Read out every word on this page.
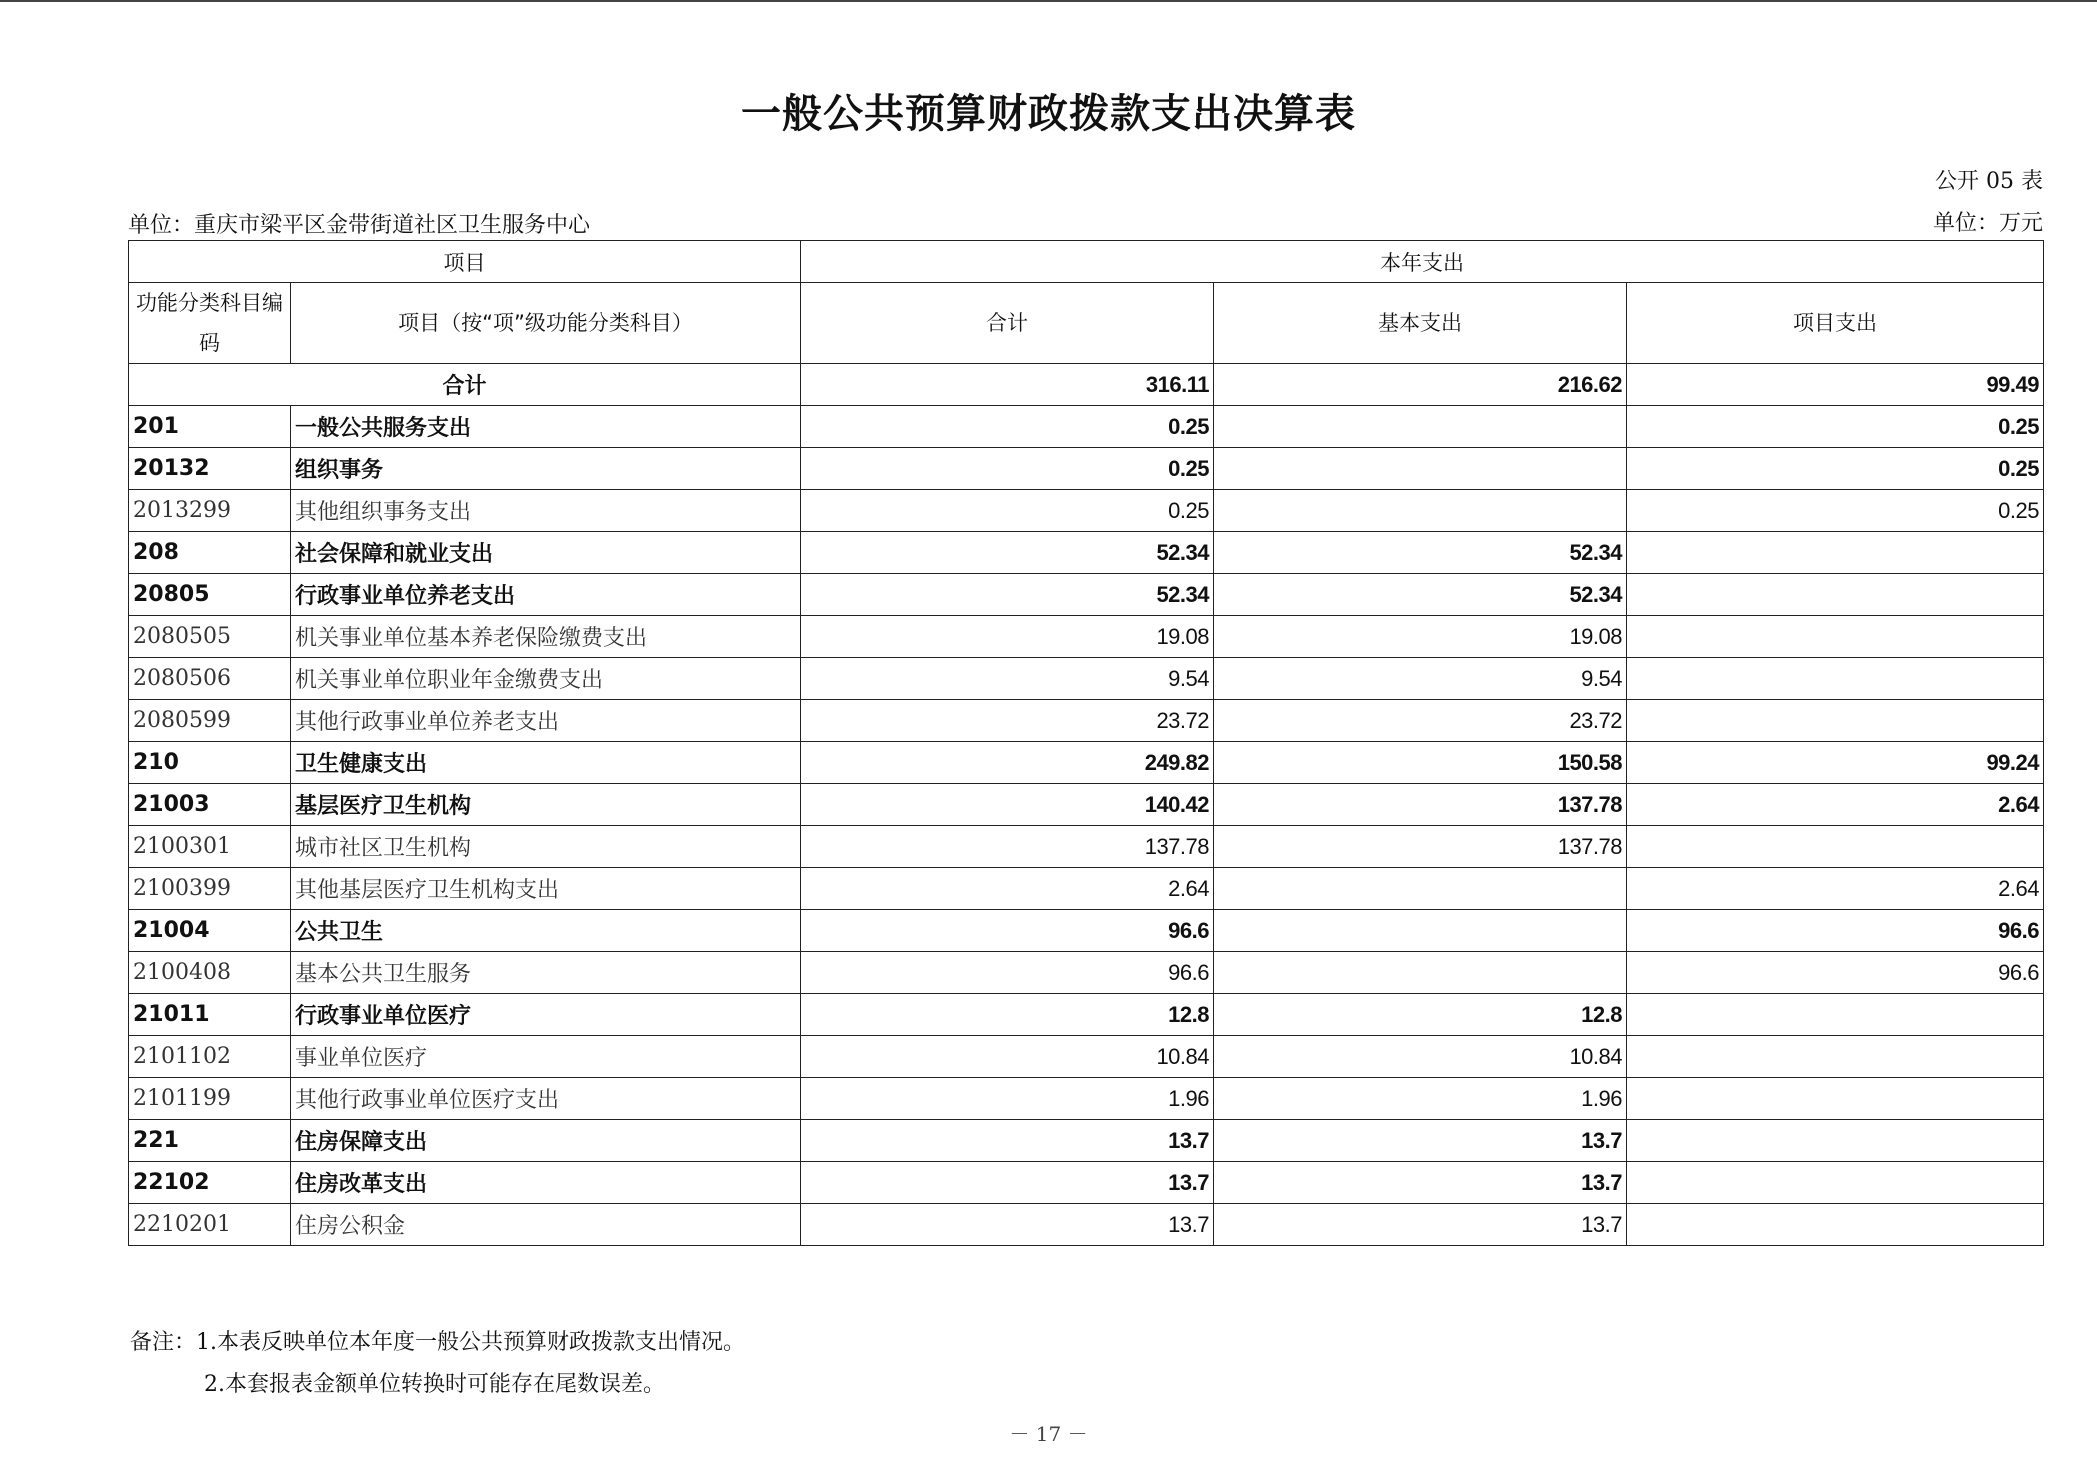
一般公共预算财政拨款支出决算表
公开 05 表
单位：重庆市梁平区金带街道社区卫生服务中心	单位：万元
项目		本年支出		
功能分类科目编码	项目（按“项”级功能分类科目）	合计	基本支出	项目支出
合计		316.11	216.62	99.49
201	一般公共服务支出	0.25		0.25
20132	组织事务	0.25		0.25
2013299	其他组织事务支出	0.25		0.25
208	社会保障和就业支出	52.34	52.34	
20805	行政事业单位养老支出	52.34	52.34	
2080505	机关事业单位基本养老保险缴费支出	19.08	19.08	
2080506	机关事业单位职业年金缴费支出	9.54	9.54	
2080599	其他行政事业单位养老支出	23.72	23.72	
210	卫生健康支出	249.82	150.58	99.24
21003	基层医疗卫生机构	140.42	137.78	2.64
2100301	城市社区卫生机构	137.78	137.78	
2100399	其他基层医疗卫生机构支出	2.64		2.64
21004	公共卫生	96.6		96.6
2100408	基本公共卫生服务	96.6		96.6
21011	行政事业单位医疗	12.8	12.8	
2101102	事业单位医疗	10.84	10.84	
2101199	其他行政事业单位医疗支出	1.96	1.96	
221	住房保障支出	13.7	13.7	
22102	住房改革支出	13.7	13.7	
2210201	住房公积金	13.7	13.7	
备注：1.本表反映单位本年度一般公共预算财政拨款支出情况。
2.本套报表金额单位转换时可能存在尾数误差。
－ 17 －
